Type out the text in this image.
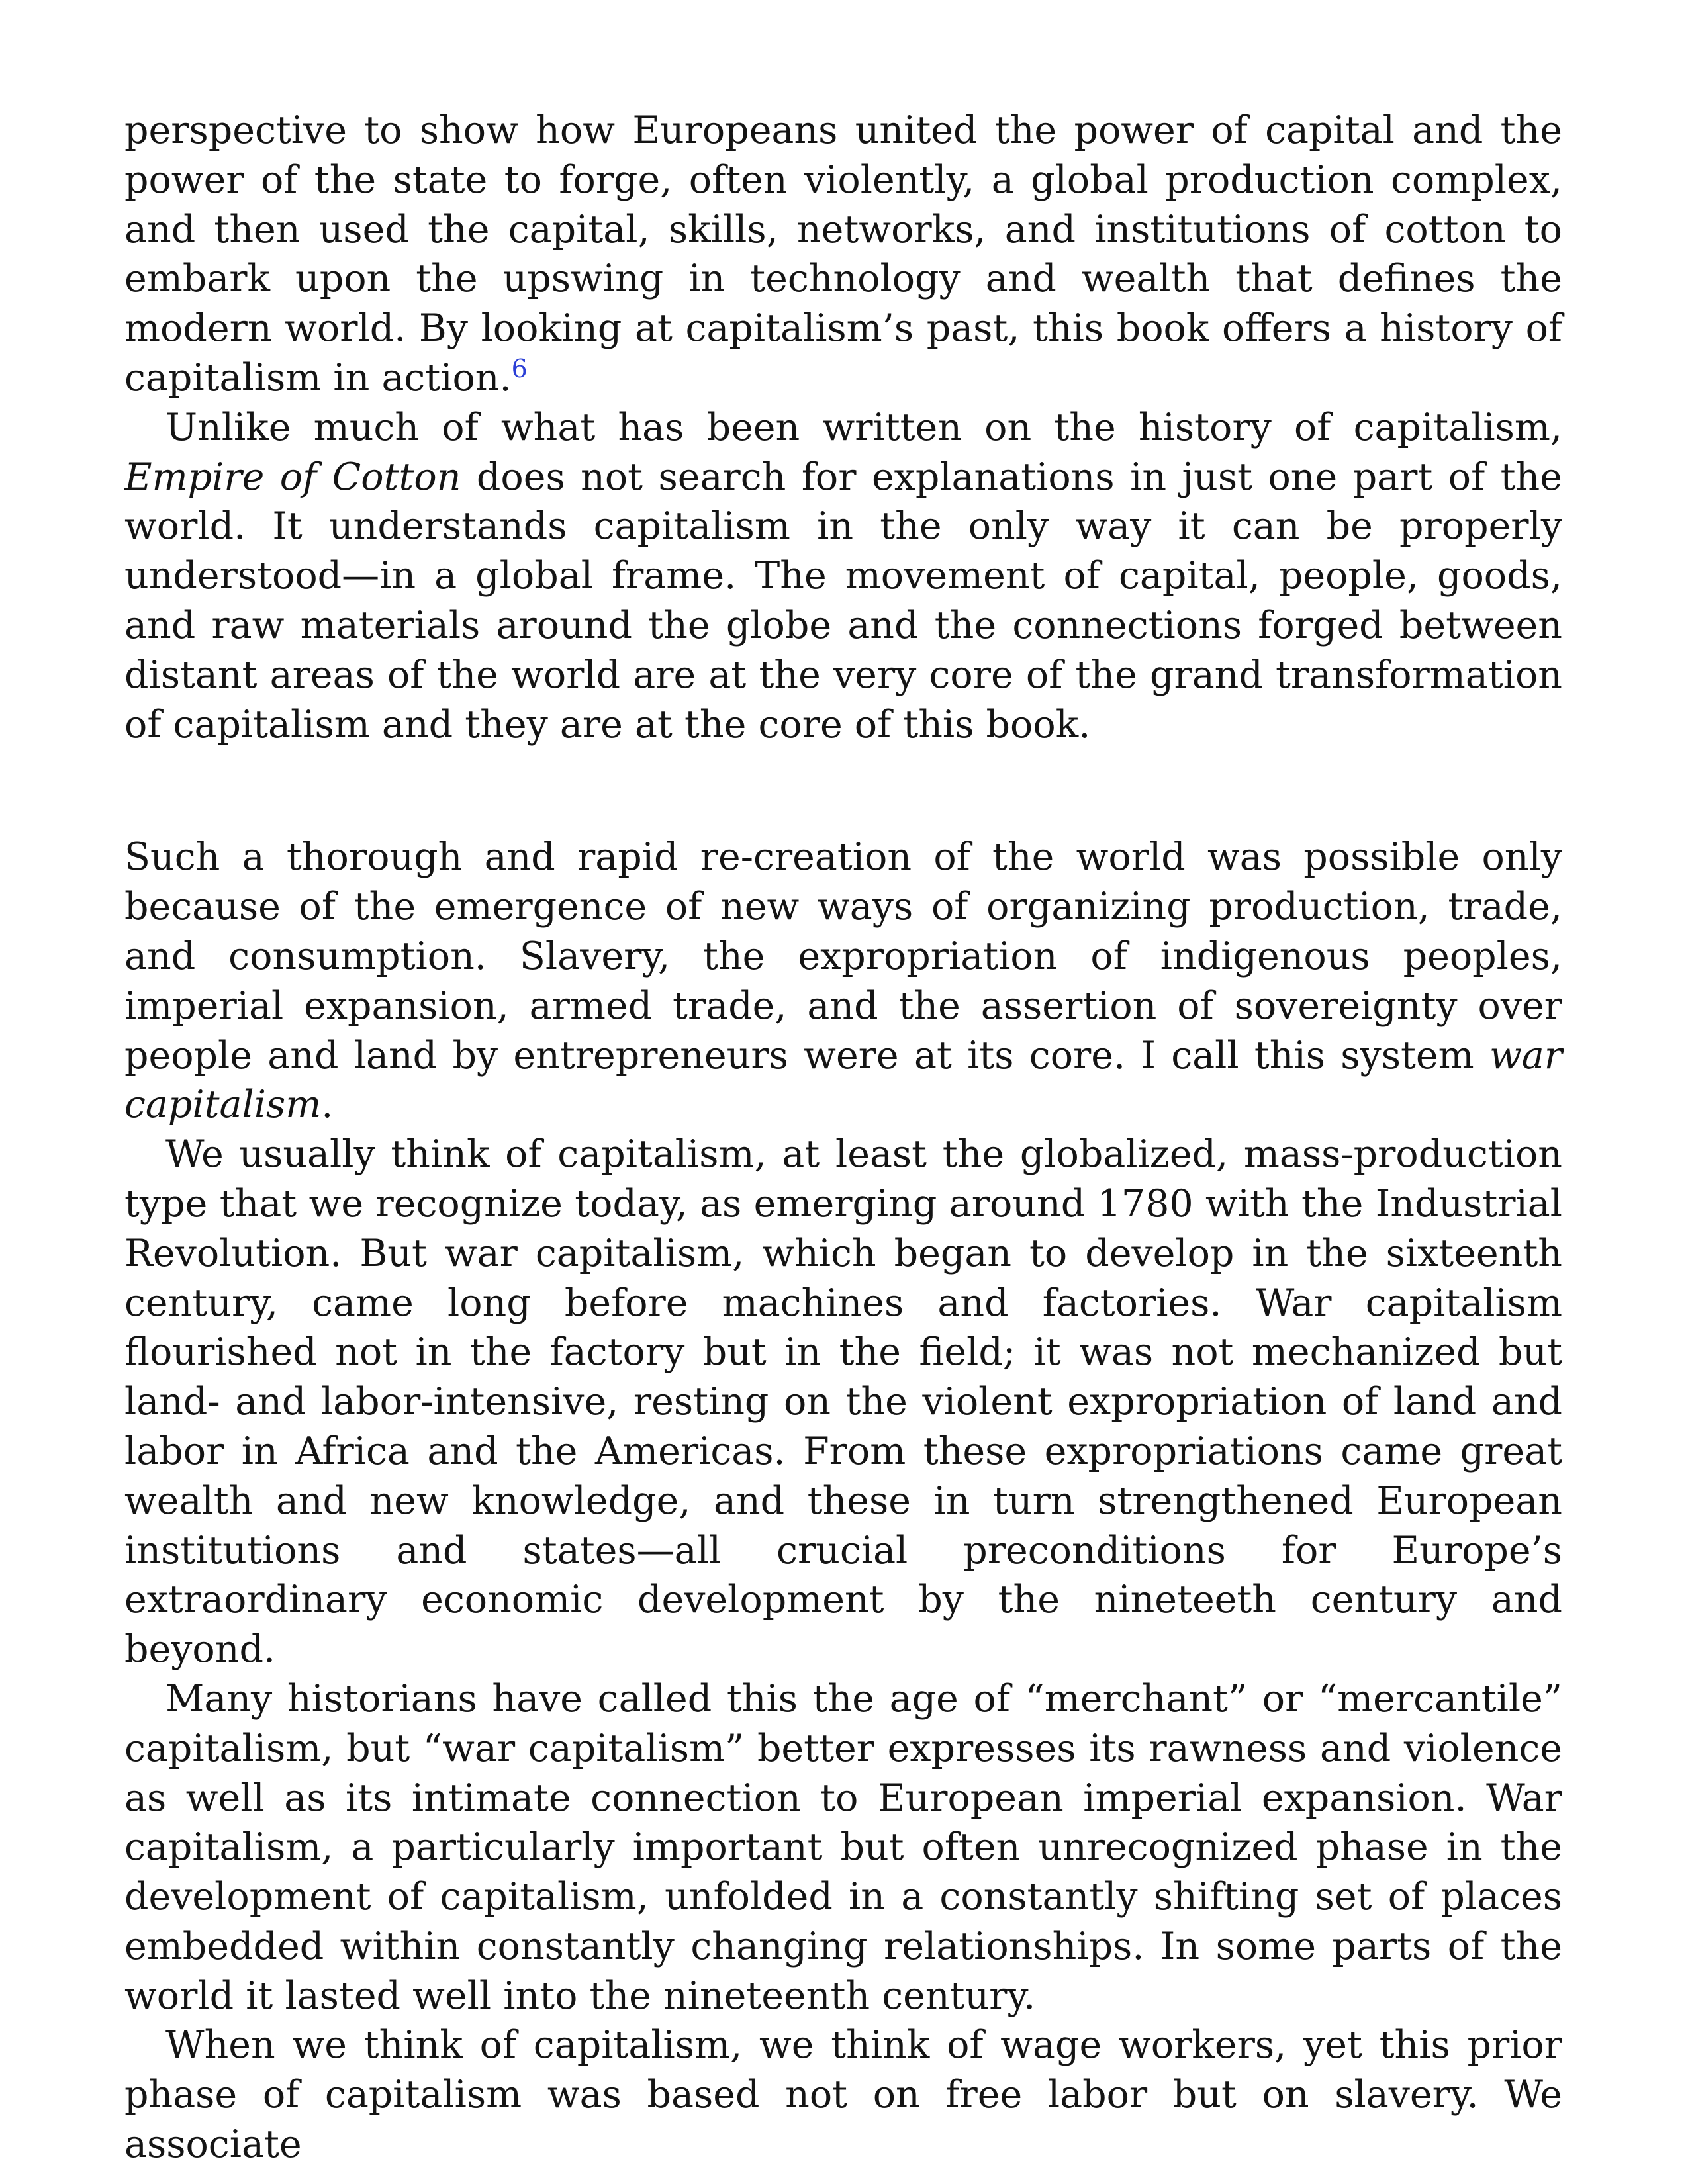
perspective to show how Europeans united the power of capital and the power of the state to forge, often violently, a global production complex, and then used the capital, skills, networks, and institutions of cotton to embark upon the upswing in technology and wealth that defines the modern world. By looking at capitalism’s past, this book offers a history of capitalism in action.$^6$

Unlike much of what has been written on the history of capitalism, Empire of Cotton does not search for explanations in just one part of the world. It understands capitalism in the only way it can be properly understood—in a global frame. The movement of capital, people, goods, and raw materials around the globe and the connections forged between distant areas of the world are at the very core of the grand transformation of capitalism and they are at the core of this book.

Such a thorough and rapid re-creation of the world was possible only because of the emergence of new ways of organizing production, trade, and consumption. Slavery, the expropriation of indigenous peoples, imperial expansion, armed trade, and the assertion of sovereignty over people and land by entrepreneurs were at its core. I call this system war capitalism.

We usually think of capitalism, at least the globalized, mass-production type that we recognize today, as emerging around 1780 with the Industrial Revolution. But war capitalism, which began to develop in the sixteenth century, came long before machines and factories. War capitalism flourished not in the factory but in the field; it was not mechanized but land- and labor-intensive, resting on the violent expropriation of land and labor in Africa and the Americas. From these expropriations came great wealth and new knowledge, and these in turn strengthened European institutions and states—all crucial preconditions for Europe’s extraordinary economic development by the nineteeth century and beyond.

Many historians have called this the age of “merchant” or “mercantile” capitalism, but “war capitalism” better expresses its rawness and violence as well as its intimate connection to European imperial expansion. War capitalism, a particularly important but often unrecognized phase in the development of capitalism, unfolded in a constantly shifting set of places embedded within constantly changing relationships. In some parts of the world it lasted well into the nineteenth century.

When we think of capitalism, we think of wage workers, yet this prior phase of capitalism was based not on free labor but on slavery. We associate
